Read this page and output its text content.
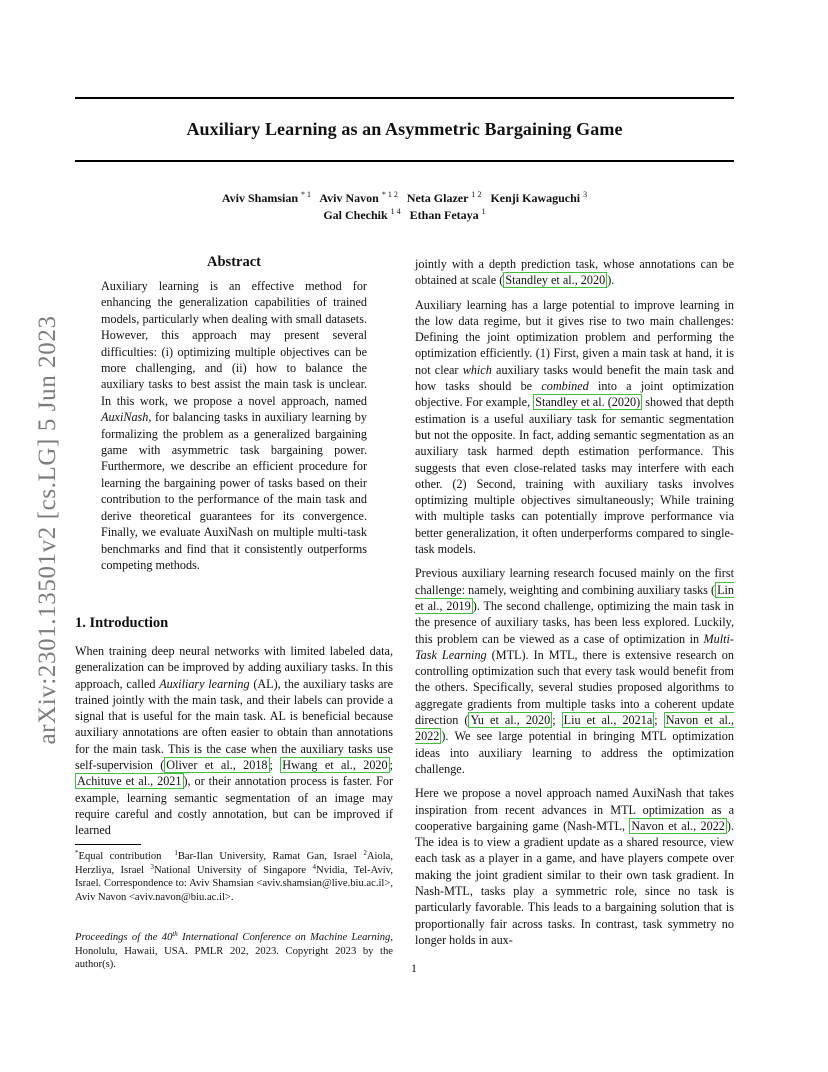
Auxiliary Learning as an Asymmetric Bargaining Game
Aviv Shamsian $^{* 1}$ Aviv Navon $^{* 1 2}$ Neta Glazer $^{1 2}$ Kenji Kawaguchi $^3$
Gal Chechik $^{1 4}$ Ethan Fetaya $^1$
arXiv:2301.13501v2 [cs.LG] 5 Jun 2023
Abstract
Auxiliary learning is an effective method for enhancing the generalization capabilities of trained models, particularly when dealing with small datasets. However, this approach may present several difficulties: (i) optimizing multiple objectives can be more challenging, and (ii) how to balance the auxiliary tasks to best assist the main task is unclear. In this work, we propose a novel approach, named AuxiNash, for balancing tasks in auxiliary learning by formalizing the problem as a generalized bargaining game with asymmetric task bargaining power. Furthermore, we describe an efficient procedure for learning the bargaining power of tasks based on their contribution to the performance of the main task and derive theoretical guarantees for its convergence. Finally, we evaluate AuxiNash on multiple multi-task benchmarks and find that it consistently outperforms competing methods.
1. Introduction
When training deep neural networks with limited labeled data, generalization can be improved by adding auxiliary tasks. In this approach, called Auxiliary learning (AL), the auxiliary tasks are trained jointly with the main task, and their labels can provide a signal that is useful for the main task. AL is beneficial because auxiliary annotations are often easier to obtain than annotations for the main task. This is the case when the auxiliary tasks use self-supervision ( Oliver et al., 2018 ; Hwang et al., 2020 ; Achituve et al., 2021 ), or their annotation process is faster. For example, learning semantic segmentation of an image may require careful and costly annotation, but can be improved if learned
*Equal contribution $^1$Bar-Ilan University, Ramat Gan, Israel $^2$Aiola, Herzliya, Israel $^3$National University of Singapore $^4$Nvidia, Tel-Aviv, Israel. Correspondence to: Aviv Shamsian <aviv.shamsian@live.biu.ac.il>, Aviv Navon <aviv.navon@biu.ac.il>.
Proceedings of the 40th International Conference on Machine Learning, Honolulu, Hawaii, USA. PMLR 202, 2023. Copyright 2023 by the author(s).

jointly with a depth prediction task, whose annotations can be obtained at scale ( Standley et al., 2020 ).

Auxiliary learning has a large potential to improve learning in the low data regime, but it gives rise to two main challenges: Defining the joint optimization problem and performing the optimization efficiently. (1) First, given a main task at hand, it is not clear which auxiliary tasks would benefit the main task and how tasks should be combined into a joint optimization objective. For example, Standley et al. (2020) showed that depth estimation is a useful auxiliary task for semantic segmentation but not the opposite. In fact, adding semantic segmentation as an auxiliary task harmed depth estimation performance. This suggests that even close-related tasks may interfere with each other. (2) Second, training with auxiliary tasks involves optimizing multiple objectives simultaneously; While training with multiple tasks can potentially improve performance via better generalization, it often underperforms compared to single-task models.

Previous auxiliary learning research focused mainly on the first challenge: namely, weighting and combining auxiliary tasks ( Lin et al., 2019 ). The second challenge, optimizing the main task in the presence of auxiliary tasks, has been less explored. Luckily, this problem can be viewed as a case of optimization in Multi-Task Learning (MTL). In MTL, there is extensive research on controlling optimization such that every task would benefit from the others. Specifically, several studies proposed algorithms to aggregate gradients from multiple tasks into a coherent update direction ( Yu et al., 2020 ; Liu et al., 2021a ; Navon et al., 2022 ). We see large potential in bringing MTL optimization ideas into auxiliary learning to address the optimization challenge.

Here we propose a novel approach named AuxiNash that takes inspiration from recent advances in MTL optimization as a cooperative bargaining game (Nash-MTL, Navon et al., 2022 ). The idea is to view a gradient update as a shared resource, view each task as a player in a game, and have players compete over making the joint gradient similar to their own task gradient. In Nash-MTL, tasks play a symmetric role, since no task is particularly favorable. This leads to a bargaining solution that is proportionally fair across tasks. In contrast, task symmetry no longer holds in aux-

1
